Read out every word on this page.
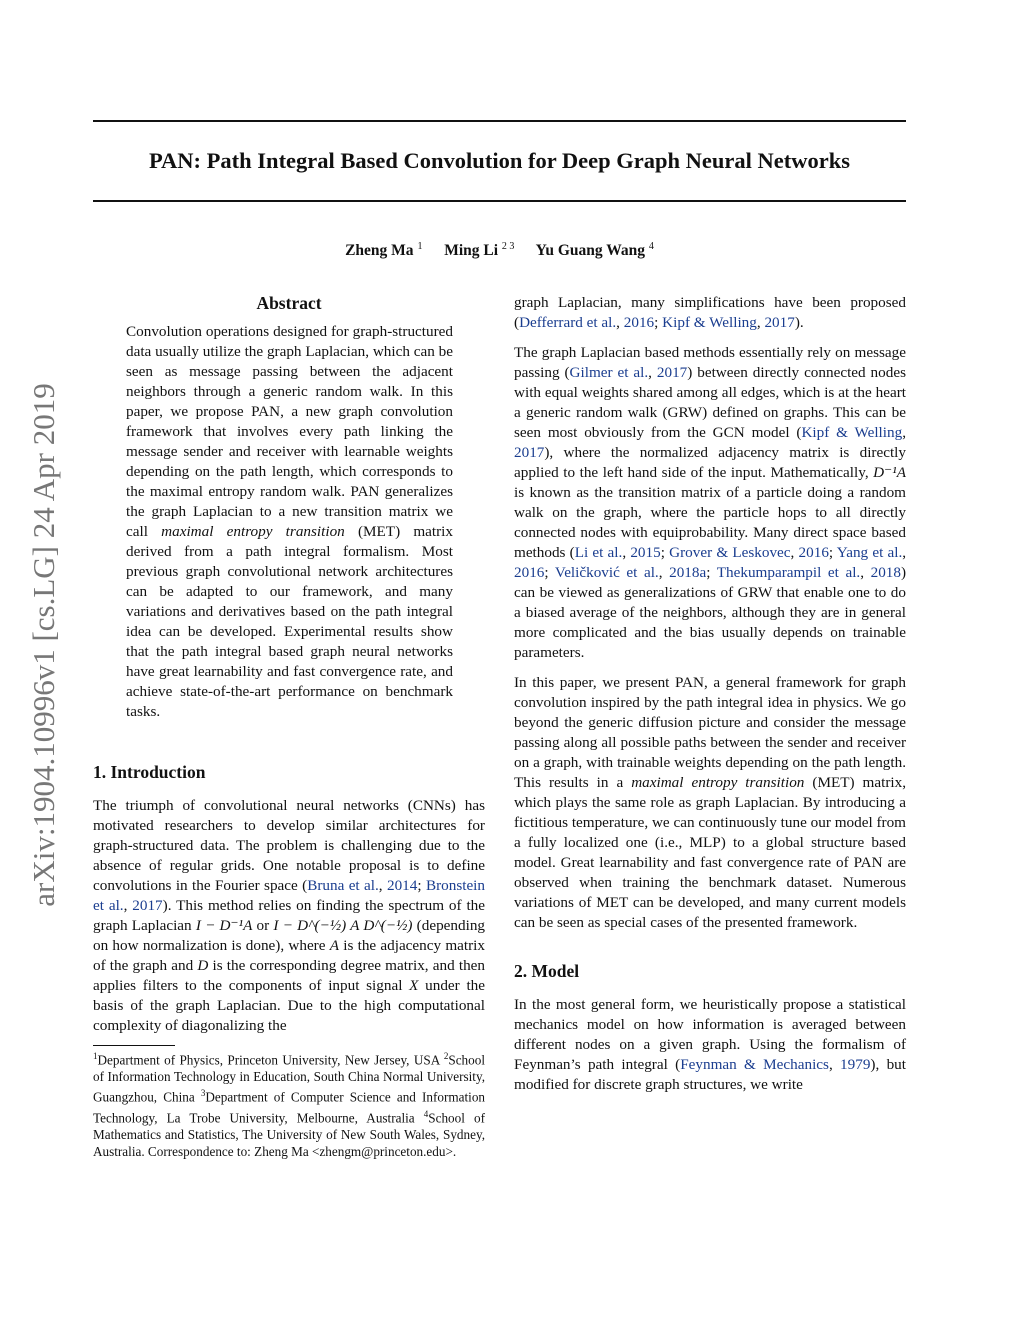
PAN: Path Integral Based Convolution for Deep Graph Neural Networks
Zheng Ma $^1$ Ming Li $^{2 3}$ Yu Guang Wang $^4$
arXiv:1904.10996v1 [cs.LG] 24 Apr 2019
Abstract

Convolution operations designed for graph-structured data usually utilize the graph Laplacian, which can be seen as message passing between the adjacent neighbors through a generic random walk. In this paper, we propose PAN, a new graph convolution framework that involves every path linking the message sender and receiver with learnable weights depending on the path length, which corresponds to the maximal entropy random walk. PAN generalizes the graph Laplacian to a new transition matrix we call maximal entropy transition (MET) matrix derived from a path integral formalism. Most previous graph convolutional network architectures can be adapted to our framework, and many variations and derivatives based on the path integral idea can be developed. Experimental results show that the path integral based graph neural networks have great learnability and fast convergence rate, and achieve state-of-the-art performance on benchmark tasks.

1. Introduction

The triumph of convolutional neural networks (CNNs) has motivated researchers to develop similar architectures for graph-structured data. The problem is challenging due to the absence of regular grids. One notable proposal is to define convolutions in the Fourier space (Bruna et al., 2014; Bronstein et al., 2017). This method relies on finding the spectrum of the graph Laplacian I − D⁻¹A or I − D^(−½) A D^(−½) (depending on how normalization is done), where A is the adjacency matrix of the graph and D is the corresponding degree matrix, and then applies filters to the components of input signal X under the basis of the graph Laplacian. Due to the high computational complexity of diagonalizing the

$^1$Department of Physics, Princeton University, New Jersey, USA $^2$School of Information Technology in Education, South China Normal University, Guangzhou, China $^3$Department of Computer Science and Information Technology, La Trobe University, Melbourne, Australia $^4$School of Mathematics and Statistics, The University of New South Wales, Sydney, Australia. Correspondence to: Zheng Ma <zhengm@princeton.edu>.

graph Laplacian, many simplifications have been proposed (Defferrard et al., 2016; Kipf & Welling, 2017).

The graph Laplacian based methods essentially rely on message passing (Gilmer et al., 2017) between directly connected nodes with equal weights shared among all edges, which is at the heart a generic random walk (GRW) defined on graphs. This can be seen most obviously from the GCN model (Kipf & Welling, 2017), where the normalized adjacency matrix is directly applied to the left hand side of the input. Mathematically, D⁻¹A is known as the transition matrix of a particle doing a random walk on the graph, where the particle hops to all directly connected nodes with equiprobability. Many direct space based methods (Li et al., 2015; Grover & Leskovec, 2016; Yang et al., 2016; Veličković et al., 2018a; Thekumparampil et al., 2018) can be viewed as generalizations of GRW that enable one to do a biased average of the neighbors, although they are in general more complicated and the bias usually depends on trainable parameters.

In this paper, we present PAN, a general framework for graph convolution inspired by the path integral idea in physics. We go beyond the generic diffusion picture and consider the message passing along all possible paths between the sender and receiver on a graph, with trainable weights depending on the path length. This results in a maximal entropy transition (MET) matrix, which plays the same role as graph Laplacian. By introducing a fictitious temperature, we can continuously tune our model from a fully localized one (i.e., MLP) to a global structure based model. Great learnability and fast convergence rate of PAN are observed when training the benchmark dataset. Numerous variations of MET can be developed, and many current models can be seen as special cases of the presented framework.

2. Model

In the most general form, we heuristically propose a statistical mechanics model on how information is averaged between different nodes on a given graph. Using the formalism of Feynman’s path integral (Feynman & Mechanics, 1979), but modified for discrete graph structures, we write
